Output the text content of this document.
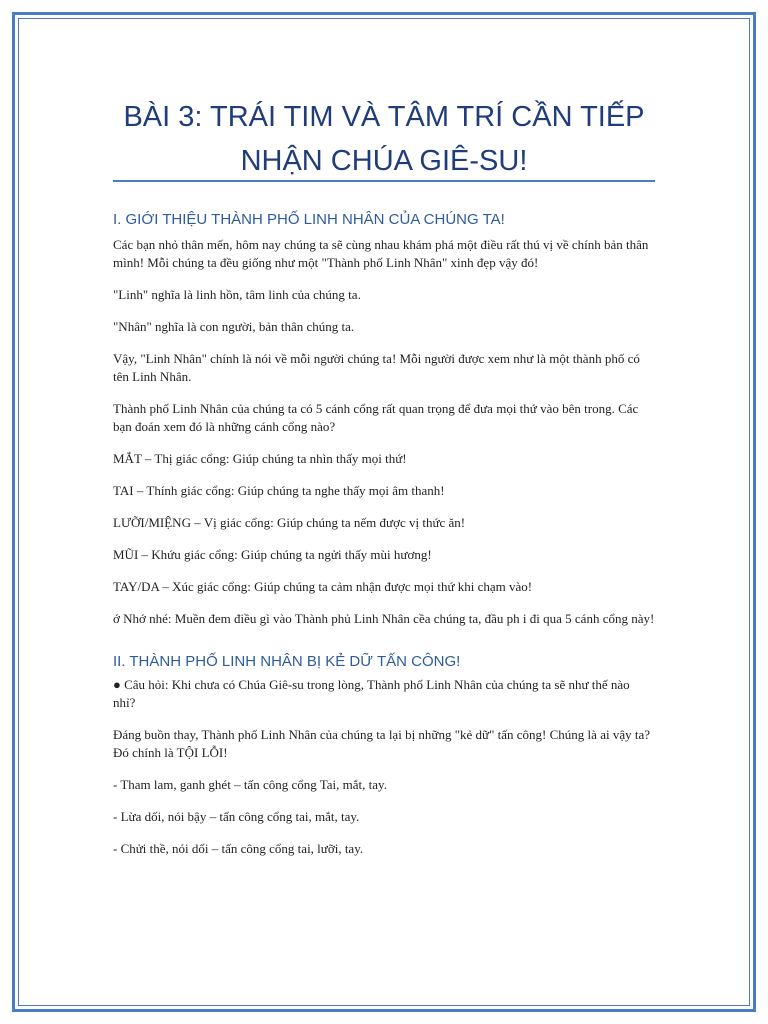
BÀI 3: TRÁI TIM VÀ TÂM TRÍ CẦN TIẾP NHẬN CHÚA GIÊ-SU!
I. GIỚI THIỆU THÀNH PHỐ LINH NHÂN CỦA CHÚNG TA!

Các bạn nhỏ thân mến, hôm nay chúng ta sẽ cùng nhau khám phá một điều rất thú vị về chính bản thân mình! Mỗi chúng ta đều giống như một "Thành phố Linh Nhân" xinh đẹp vậy đó!

"Linh" nghĩa là linh hồn, tâm linh của chúng ta.

"Nhân" nghĩa là con người, bản thân chúng ta.

Vậy, "Linh Nhân" chính là nói về mỗi người chúng ta! Mỗi người được xem như là một thành phố có tên Linh Nhân.

Thành phố Linh Nhân của chúng ta có 5 cánh cổng rất quan trọng để đưa mọi thứ vào bên trong. Các bạn đoán xem đó là những cánh cổng nào?

MẮT – Thị giác cổng: Giúp chúng ta nhìn thấy mọi thứ!

TAI – Thính giác cổng: Giúp chúng ta nghe thấy mọi âm thanh!

LƯỠI/MIỆNG – Vị giác cổng: Giúp chúng ta nếm được vị thức ăn!

MŨI – Khứu giác cổng: Giúp chúng ta ngửi thấy mùi hương!

TAY/DA – Xúc giác cổng: Giúp chúng ta cảm nhận được mọi thứ khi chạm vào!

ớ Nhớ nhé: Muền đem điều gì vào Thành phủ Linh Nhân cềa chúng ta, đầu ph i đi qua 5 cánh cổng này!

II. THÀNH PHỐ LINH NHÂN BỊ KẺ DỮ TẤN CÔNG!

● Câu hỏi: Khi chưa có Chúa Giê-su trong lòng, Thành phố Linh Nhân của chúng ta sẽ như thế nào nhỉ?

Đáng buồn thay, Thành phố Linh Nhân của chúng ta lại bị những "kẻ dữ" tấn công! Chúng là ai vậy ta? Đó chính là TỘI LỖI!

- Tham lam, ganh ghét – tấn công cổng Tai, mắt, tay.

- Lừa dối, nói bậy – tấn công cổng tai, mắt, tay.

- Chửi thề, nói dối – tấn công cổng tai, lưỡi, tay.
